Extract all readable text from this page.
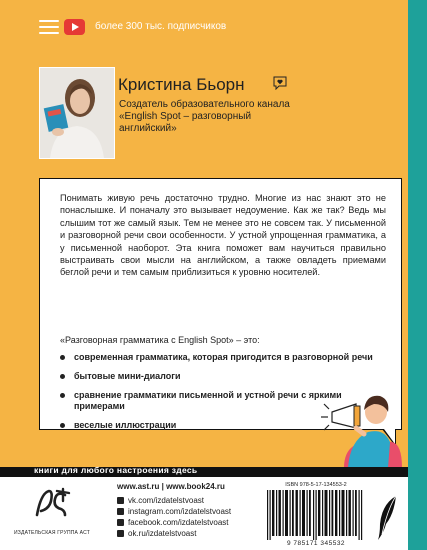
более 300 тыс. подписчиков
Кристина Бьорн
Создатель образовательного канала «English Spot – разговорный английский»

Понимать живую речь достаточно трудно. Многие из нас знают это не понаслышке. И поначалу это вызывает недоумение. Как же так? Ведь мы слышим тот же самый язык. Тем не менее это не совсем так. У письменной и разговорной речи свои особенности. У устной упрощенная грамматика, а у письменной наоборот. Эта книга поможет вам научиться правильно выстраивать свои мысли на английском, а также овладеть приемами беглой речи и тем самым приблизиться к уровню носителей.

«Разговорная грамматика с English Spot» – это:
современная грамматика, которая пригодится в разговорной речи
бытовые мини-диалоги
сравнение грамматики письменной и устной речи с яркими примерами
веселые иллюстрации
книги для любого настроения здесь
ИЗДАТЕЛЬСКАЯ ГРУППА АСТ
www.ast.ru | www.book24.ru
vk.com/izdatelstvoast
instagram.com/izdatelstvoast
facebook.com/izdatelstvoast
ok.ru/izdatelstvoast
ISBN 978-5-17-134553-2
9 785171 345532
